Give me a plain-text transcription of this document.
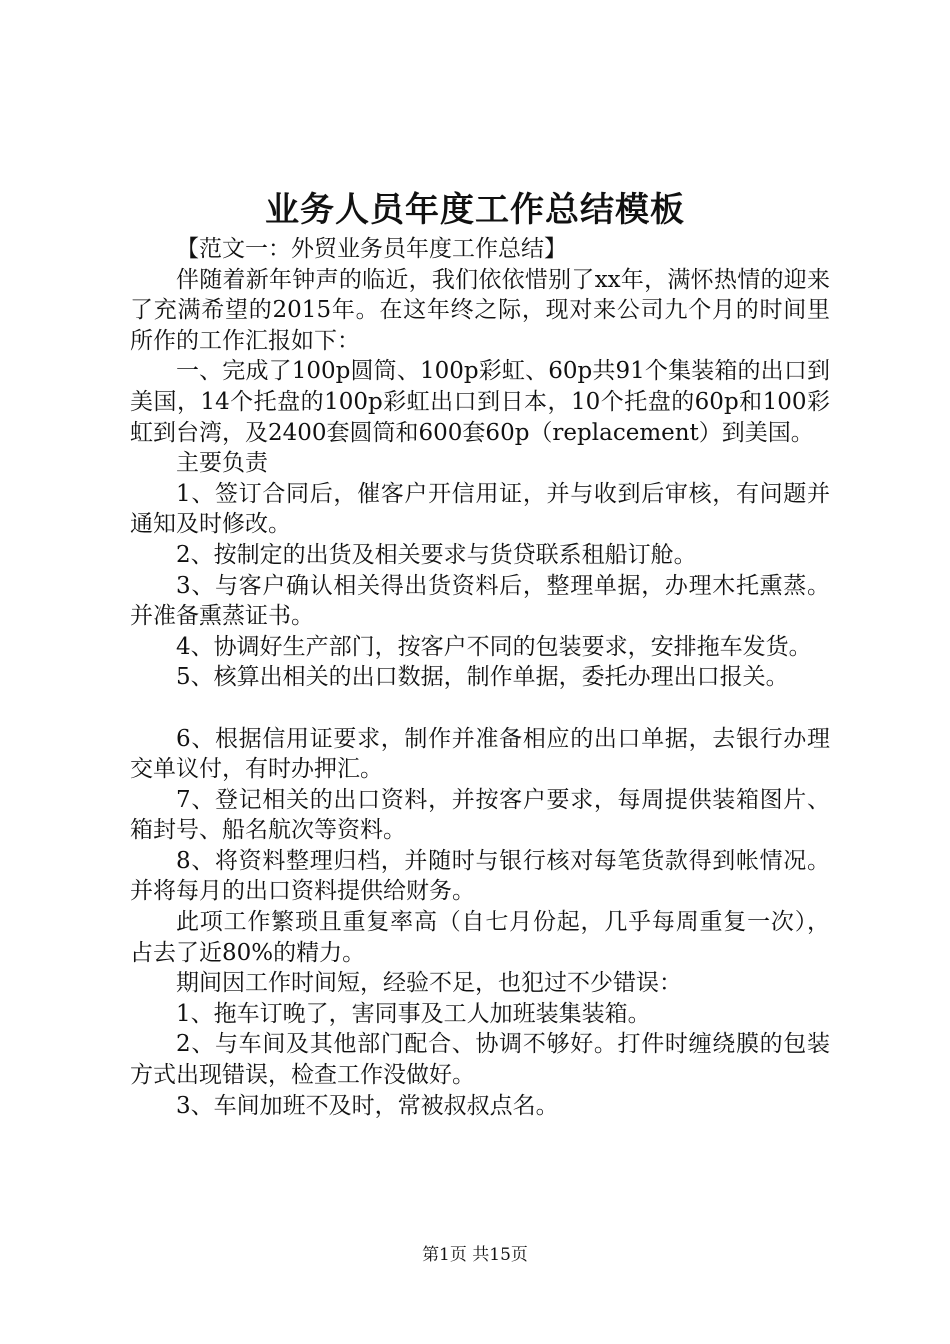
业务人员年度工作总结模板

【范文一：外贸业务员年度工作总结】

伴随着新年钟声的临近，我们依依惜别了xx年，满怀热情的迎来了充满希望的2015年。在这年终之际，现对来公司九个月的时间里所作的工作汇报如下：

一、完成了100p圆筒、100p彩虹、60p共91个集装箱的出口到美国，14个托盘的100p彩虹出口到日本，10个托盘的60p和100彩虹到台湾，及2400套圆筒和600套60p（replacement）到美国。

主要负责

1、签订合同后，催客户开信用证，并与收到后审核，有问题并通知及时修改。

2、按制定的出货及相关要求与货贷联系租船订舱。

3、与客户确认相关得出货资料后，整理单据，办理木托熏蒸。并准备熏蒸证书。

4、协调好生产部门，按客户不同的包装要求，安排拖车发货。

5、核算出相关的出口数据，制作单据，委托办理出口报关。

6、根据信用证要求，制作并准备相应的出口单据，去银行办理交单议付，有时办押汇。

7、登记相关的出口资料，并按客户要求，每周提供装箱图片、箱封号、船名航次等资料。

8、将资料整理归档，并随时与银行核对每笔货款得到帐情况。并将每月的出口资料提供给财务。

此项工作繁琐且重复率高（自七月份起，几乎每周重复一次），占去了近80%的精力。

期间因工作时间短，经验不足，也犯过不少错误：

1、拖车订晚了，害同事及工人加班装集装箱。

2、与车间及其他部门配合、协调不够好。打件时缠绕膜的包装方式出现错误，检查工作没做好。

3、车间加班不及时，常被叔叔点名。

第1页 共15页
